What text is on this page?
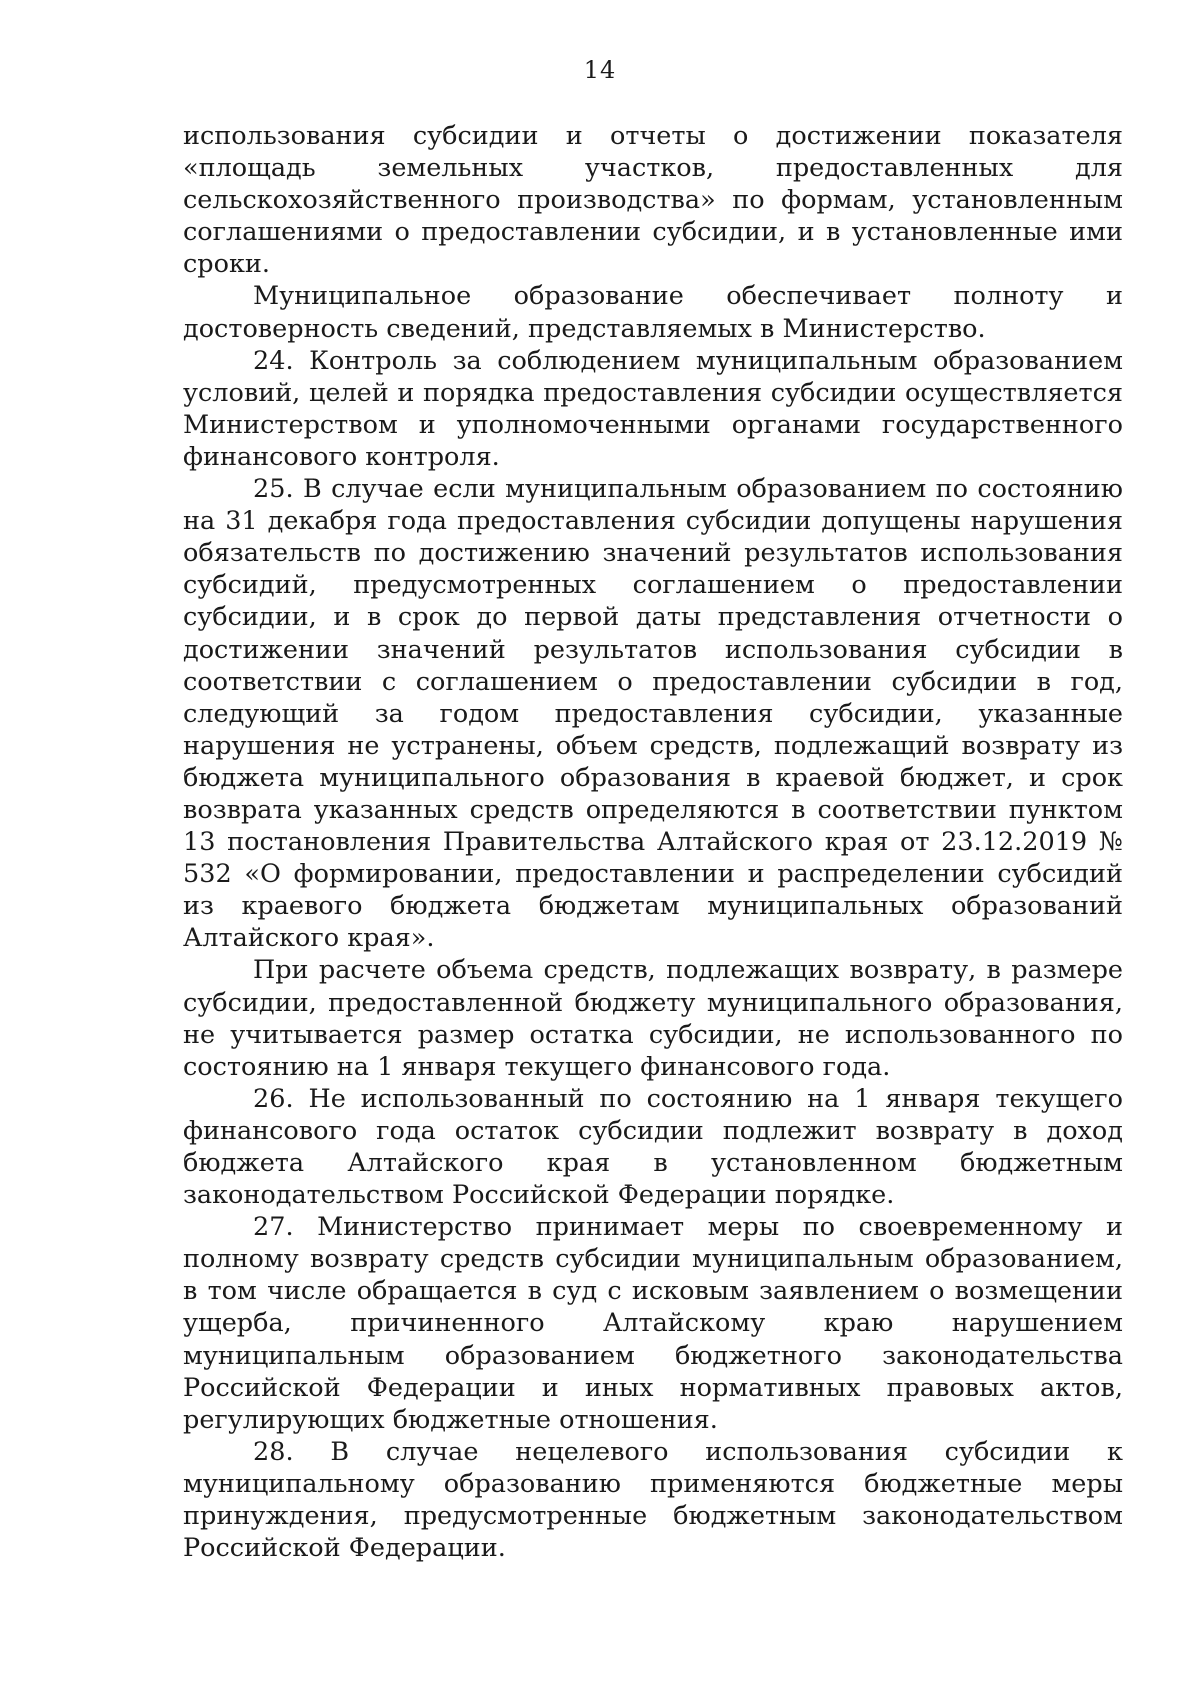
14

использования субсидии и отчеты о достижении показателя «площадь земельных участков, предоставленных для сельскохозяйственного производства» по формам, установленным соглашениями о предоставлении субсидии, и в установленные ими сроки.

Муниципальное образование обеспечивает полноту и достоверность сведений, представляемых в Министерство.

24. Контроль за соблюдением муниципальным образованием условий, целей и порядка предоставления субсидии осуществляется Министерством и уполномоченными органами государственного финансового контроля.

25. В случае если муниципальным образованием по состоянию на 31 декабря года предоставления субсидии допущены нарушения обязательств по достижению значений результатов использования субсидий, предусмотренных соглашением о предоставлении субсидии, и в срок до первой даты представления отчетности о достижении значений результатов использования субсидии в соответствии с соглашением о предоставлении субсидии в год, следующий за годом предоставления субсидии, указанные нарушения не устранены, объем средств, подлежащий возврату из бюджета муниципального образования в краевой бюджет, и срок возврата указанных средств определяются в соответствии пунктом 13 постановления Правительства Алтайского края от 23.12.2019 № 532 «О формировании, предоставлении и распределении субсидий из краевого бюджета бюджетам муниципальных образований Алтайского края».

При расчете объема средств, подлежащих возврату, в размере субсидии, предоставленной бюджету муниципального образования, не учитывается размер остатка субсидии, не использованного по состоянию на 1 января текущего финансового года.

26. Не использованный по состоянию на 1 января текущего финансового года остаток субсидии подлежит возврату в доход бюджета Алтайского края в установленном бюджетным законодательством Российской Федерации порядке.

27. Министерство принимает меры по своевременному и полному возврату средств субсидии муниципальным образованием, в том числе обращается в суд с исковым заявлением о возмещении ущерба, причиненного Алтайскому краю нарушением муниципальным образованием бюджетного законодательства Российской Федерации и иных нормативных правовых актов, регулирующих бюджетные отношения.

28. В случае нецелевого использования субсидии к муниципальному образованию применяются бюджетные меры принуждения, предусмотренные бюджетным законодательством Российской Федерации.
